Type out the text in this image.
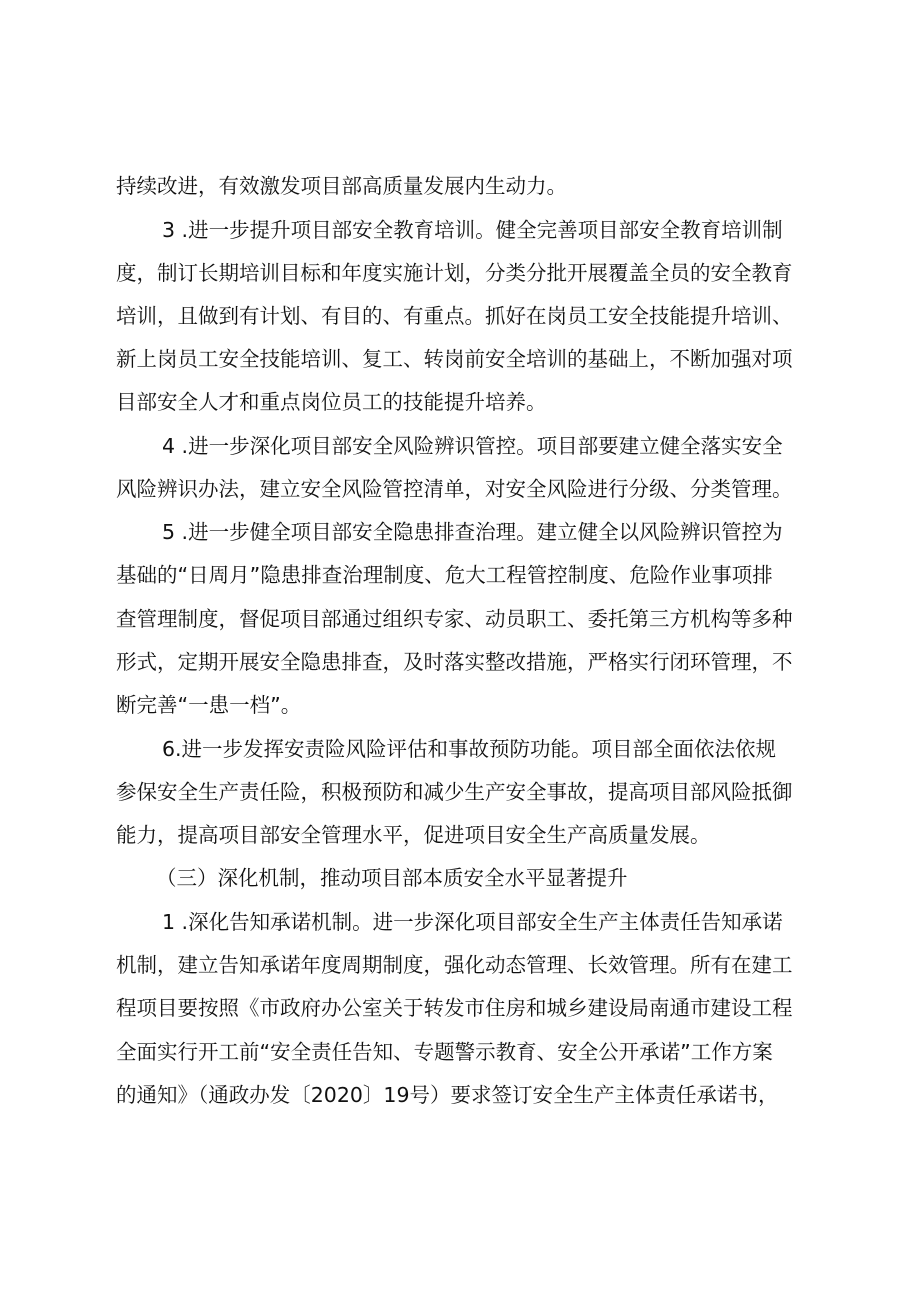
持续改进，有效激发项目部高质量发展内生动力。
3 .进一步提升项目部安全教育培训。健全完善项目部安全教育培训制
度，制订长期培训目标和年度实施计划，分类分批开展覆盖全员的安全教育
培训，且做到有计划、有目的、有重点。抓好在岗员工安全技能提升培训、
新上岗员工安全技能培训、复工、转岗前安全培训的基础上，不断加强对项
目部安全人才和重点岗位员工的技能提升培养。
4 .进一步深化项目部安全风险辨识管控。项目部要建立健全落实安全
风险辨识办法，建立安全风险管控清单，对安全风险进行分级、分类管理。
5 .进一步健全项目部安全隐患排查治理。建立健全以风险辨识管控为
基础的“日周月”隐患排查治理制度、危大工程管控制度、危险作业事项排
查管理制度，督促项目部通过组织专家、动员职工、委托第三方机构等多种
形式，定期开展安全隐患排查，及时落实整改措施，严格实行闭环管理，不
断完善“一患一档”。
6.进一步发挥安责险风险评估和事故预防功能。项目部全面依法依规
参保安全生产责任险，积极预防和减少生产安全事故，提高项目部风险抵御
能力，提高项目部安全管理水平，促进项目安全生产高质量发展。
（三）深化机制，推动项目部本质安全水平显著提升
1 .深化告知承诺机制。进一步深化项目部安全生产主体责任告知承诺
机制，建立告知承诺年度周期制度，强化动态管理、长效管理。所有在建工
程项目要按照《市政府办公室关于转发市住房和城乡建设局南通市建设工程
全面实行开工前“安全责任告知、专题警示教育、安全公开承诺”工作方案
的通知》（通政办发〔2020〕19号）要求签订安全生产主体责任承诺书，
